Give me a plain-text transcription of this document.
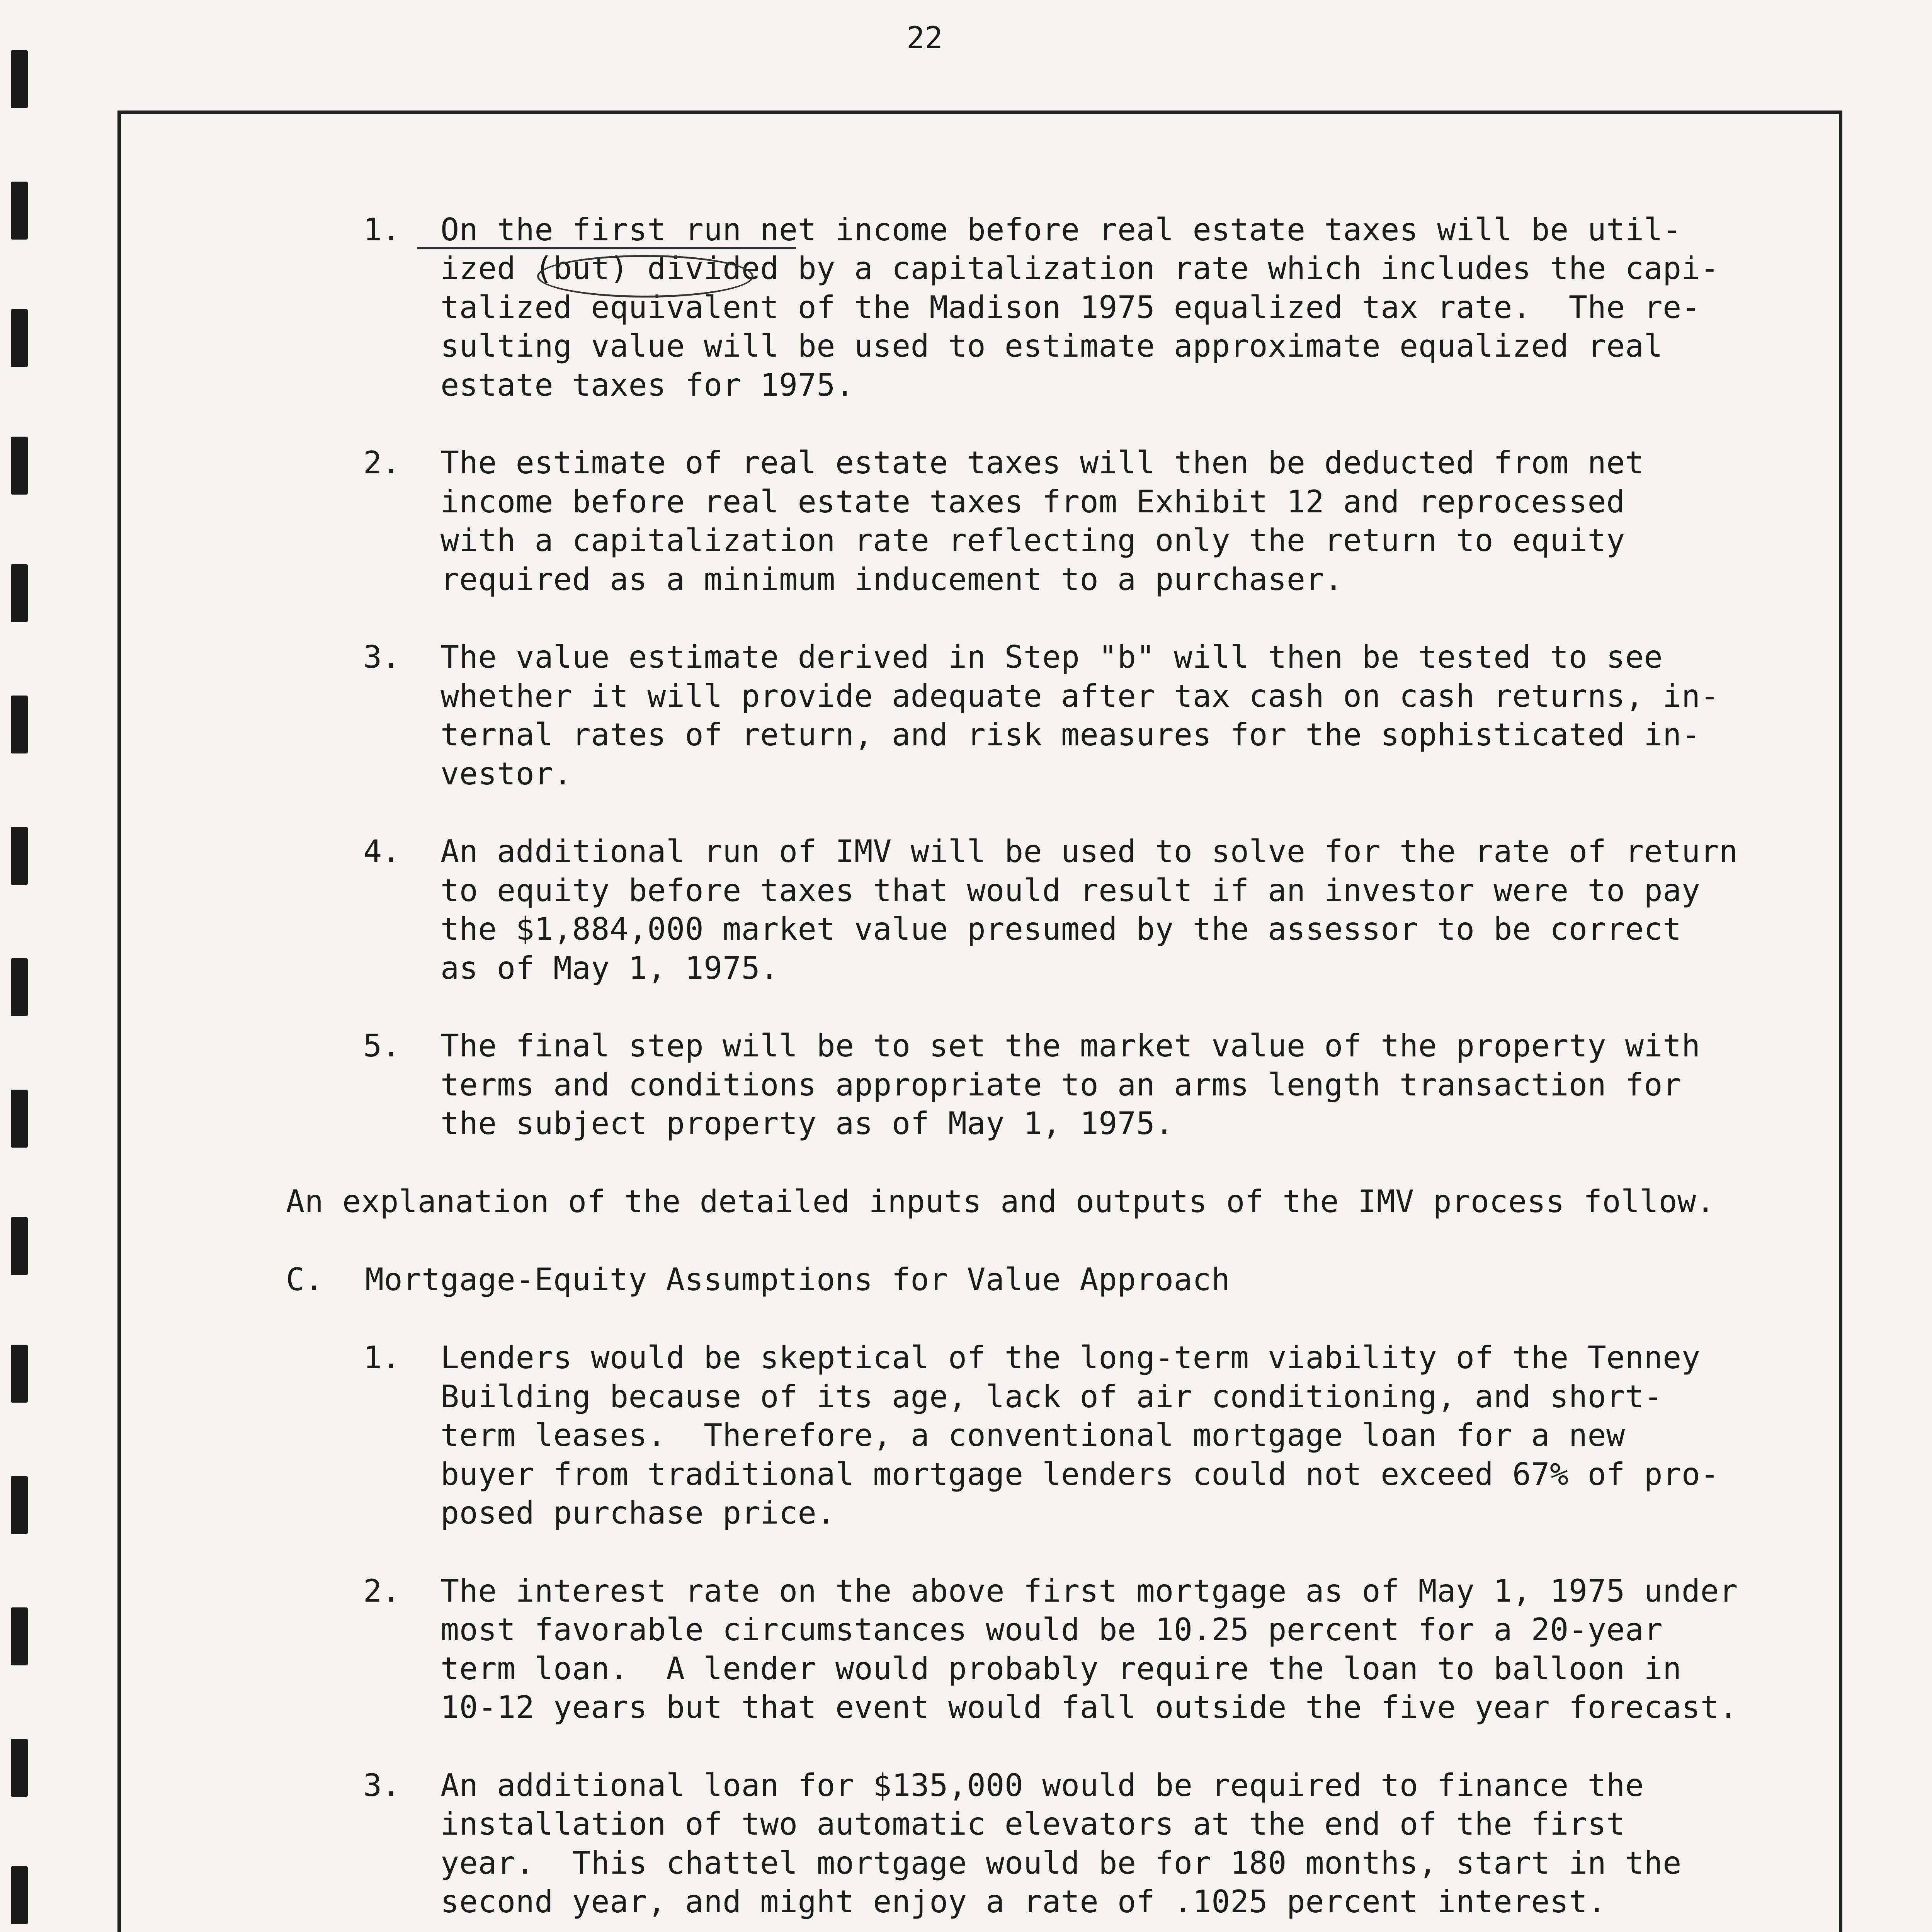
22
1. On the first run net income before real estate taxes will be util-
ized (but) divided by a capitalization rate which includes the capi-
talized equivalent of the Madison 1975 equalized tax rate.  The re-
sulting value will be used to estimate approximate equalized real
estate taxes for 1975.
2. The estimate of real estate taxes will then be deducted from net
income before real estate taxes from Exhibit 12 and reprocessed
with a capitalization rate reflecting only the return to equity
required as a minimum inducement to a purchaser.
3. The value estimate derived in Step "b" will then be tested to see
whether it will provide adequate after tax cash on cash returns, in-
ternal rates of return, and risk measures for the sophisticated in-
vestor.
4. An additional run of IMV will be used to solve for the rate of return
to equity before taxes that would result if an investor were to pay
the $1,884,000 market value presumed by the assessor to be correct
as of May 1, 1975.
5. The final step will be to set the market value of the property with
terms and conditions appropriate to an arms length transaction for
the subject property as of May 1, 1975.
An explanation of the detailed inputs and outputs of the IMV process follow.
C. Mortgage-Equity Assumptions for Value Approach
1. Lenders would be skeptical of the long-term viability of the Tenney
Building because of its age, lack of air conditioning, and short-
term leases.  Therefore, a conventional mortgage loan for a new
buyer from traditional mortgage lenders could not exceed 67% of pro-
posed purchase price.
2. The interest rate on the above first mortgage as of May 1, 1975 under
most favorable circumstances would be 10.25 percent for a 20-year
term loan.  A lender would probably require the loan to balloon in
10-12 years but that event would fall outside the five year forecast.
3. An additional loan for $135,000 would be required to finance the
installation of two automatic elevators at the end of the first
year.  This chattel mortgage would be for 180 months, start in the
second year, and might enjoy a rate of .1025 percent interest.
